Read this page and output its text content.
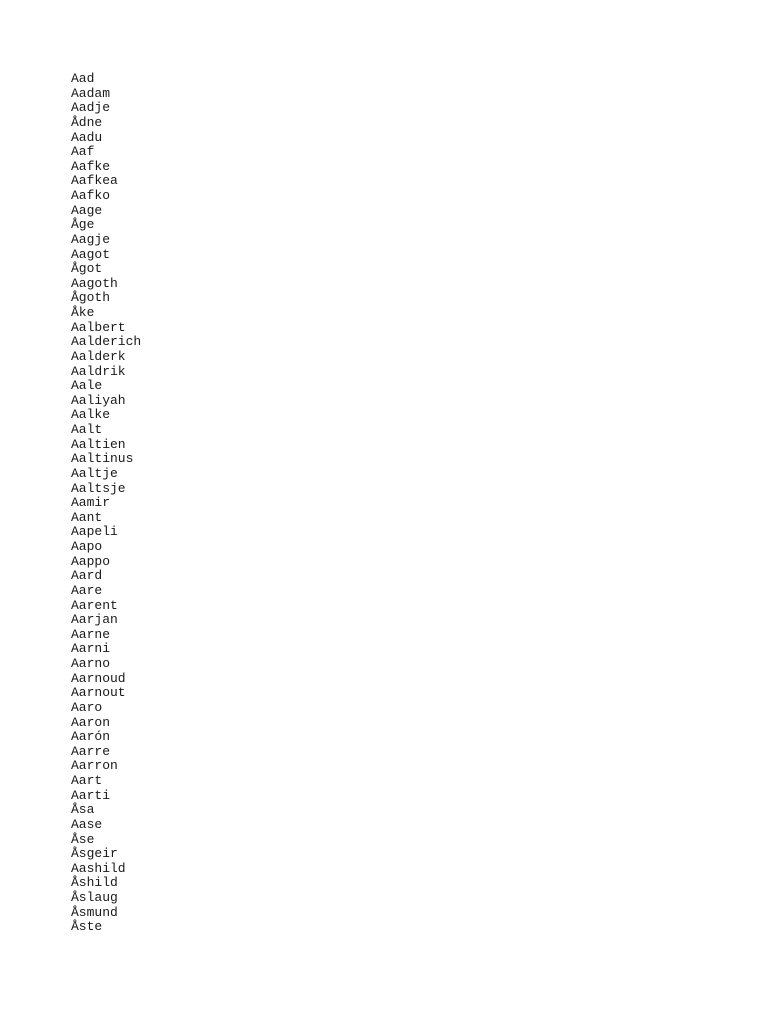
Aad
Aadam
Aadje
Ådne
Aadu
Aaf
Aafke
Aafkea
Aafko
Aage
Åge
Aagje
Aagot
Ågot
Aagoth
Ågoth
Åke
Aalbert
Aalderich
Aalderk
Aaldrik
Aale
Aaliyah
Aalke
Aalt
Aaltien
Aaltinus
Aaltje
Aaltsje
Aamir
Aant
Aapeli
Aapo
Aappo
Aard
Aare
Aarent
Aarjan
Aarne
Aarni
Aarno
Aarnoud
Aarnout
Aaro
Aaron
Aarón
Aarre
Aarron
Aart
Aarti
Åsa
Aase
Åse
Åsgeir
Aashild
Åshild
Åslaug
Åsmund
Åste
